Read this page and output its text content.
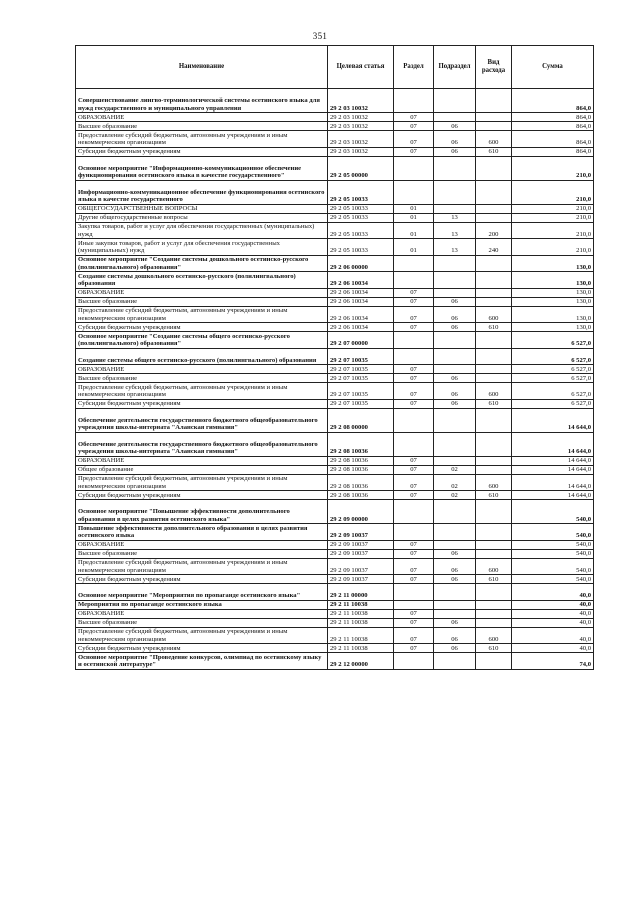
351
Наименование	Целевая статья	Раздел	Подраздел	Вид расхода	Сумма
Совершенствование лингво-терминологической системы осетинского языка для нужд государственного и муниципального управления	29 2 03 10032				864,0
ОБРАЗОВАНИЕ	29 2 03 10032	07			864,0
Высшее образование	29 2 03 10032	07	06		864,0
Предоставление субсидий бюджетным, автономным учреждениям и иным некоммерческим организациям	29 2 03 10032	07	06	600	864,0
Субсидии бюджетным учреждениям	29 2 03 10032	07	06	610	864,0
Основное мероприятие "Информационно-коммуникационное обеспечение функционирования осетинского языка в качестве государственного"	29 2 05 00000				210,0
Информационно-коммуникационное обеспечение функционирования осетинского языка в качестве государственного	29 2 05 10033				210,0
ОБЩЕГОСУДАРСТВЕННЫЕ ВОПРОСЫ	29 2 05 10033	01			210,0
Другие общегосударственные вопросы	29 2 05 10033	01	13		210,0
Закупка товаров, работ и услуг для обеспечения государственных (муниципальных) нужд	29 2 05 10033	01	13	200	210,0
Иные закупки товаров, работ и услуг для обеспечения государственных (муниципальных) нужд	29 2 05 10033	01	13	240	210,0
Основное мероприятие "Создание системы дошкольного осетинско-русского (полилингвального) образования"	29 2 06 00000				130,0
Создание системы дошкольного осетинско-русского (полилингвального) образования	29 2 06 10034				130,0
ОБРАЗОВАНИЕ	29 2 06 10034	07			130,0
Высшее образование	29 2 06 10034	07	06		130,0
Предоставление субсидий бюджетным, автономным учреждениям и иным некоммерческим организациям	29 2 06 10034	07	06	600	130,0
Субсидии бюджетным учреждениям	29 2 06 10034	07	06	610	130,0
Основное мероприятие "Создание системы общего осетинско-русского (полилингвального) образования"	29 2 07 00000				6 527,0
Создание системы общего осетинско-русского (полилингвального) образования	29 2 07 10035				6 527,0
ОБРАЗОВАНИЕ	29 2 07 10035	07			6 527,0
Высшее образование	29 2 07 10035	07	06		6 527,0
Предоставление субсидий бюджетным, автономным учреждениям и иным некоммерческим организациям	29 2 07 10035	07	06	600	6 527,0
Субсидии бюджетным учреждениям	29 2 07 10035	07	06	610	6 527,0
Обеспечение деятельности государственного бюджетного общеобразовательного учреждения школы-интерната "Аланская гимназия"	29 2 08 00000				14 644,0
Обеспечение деятельности государственного бюджетного общеобразовательного учреждения школы-интерната "Аланская гимназия"	29 2 08 10036				14 644,0
ОБРАЗОВАНИЕ	29 2 08 10036	07			14 644,0
Общее образование	29 2 08 10036	07	02		14 644,0
Предоставление субсидий бюджетным, автономным учреждениям и иным некоммерческим организациям	29 2 08 10036	07	02	600	14 644,0
Субсидии бюджетным учреждениям	29 2 08 10036	07	02	610	14 644,0
Основное мероприятие "Повышение эффективности дополнительного образования в целях развития осетинского языка"	29 2 09 00000				540,0
Повышение эффективности дополнительного образования в целях развития осетинского языка	29 2 09 10037				540,0
ОБРАЗОВАНИЕ	29 2 09 10037	07			540,0
Высшее образование	29 2 09 10037	07	06		540,0
Предоставление субсидий бюджетным, автономным учреждениям и иным некоммерческим организациям	29 2 09 10037	07	06	600	540,0
Субсидии бюджетным учреждениям	29 2 09 10037	07	06	610	540,0
Основное мероприятие "Мероприятия по пропаганде осетинского языка"	29 2 11 00000				40,0
Мероприятия по пропаганде осетинского языка	29 2 11 10038				40,0
ОБРАЗОВАНИЕ	29 2 11 10038	07			40,0
Высшее образование	29 2 11 10038	07	06		40,0
Предоставление субсидий бюджетным, автономным учреждениям и иным некоммерческим организациям	29 2 11 10038	07	06	600	40,0
Субсидии бюджетным учреждениям	29 2 11 10038	07	06	610	40,0
Основное мероприятие "Проведение конкурсов, олимпиад по осетинскому языку и осетинской литературе"	29 2 12 00000				74,0
